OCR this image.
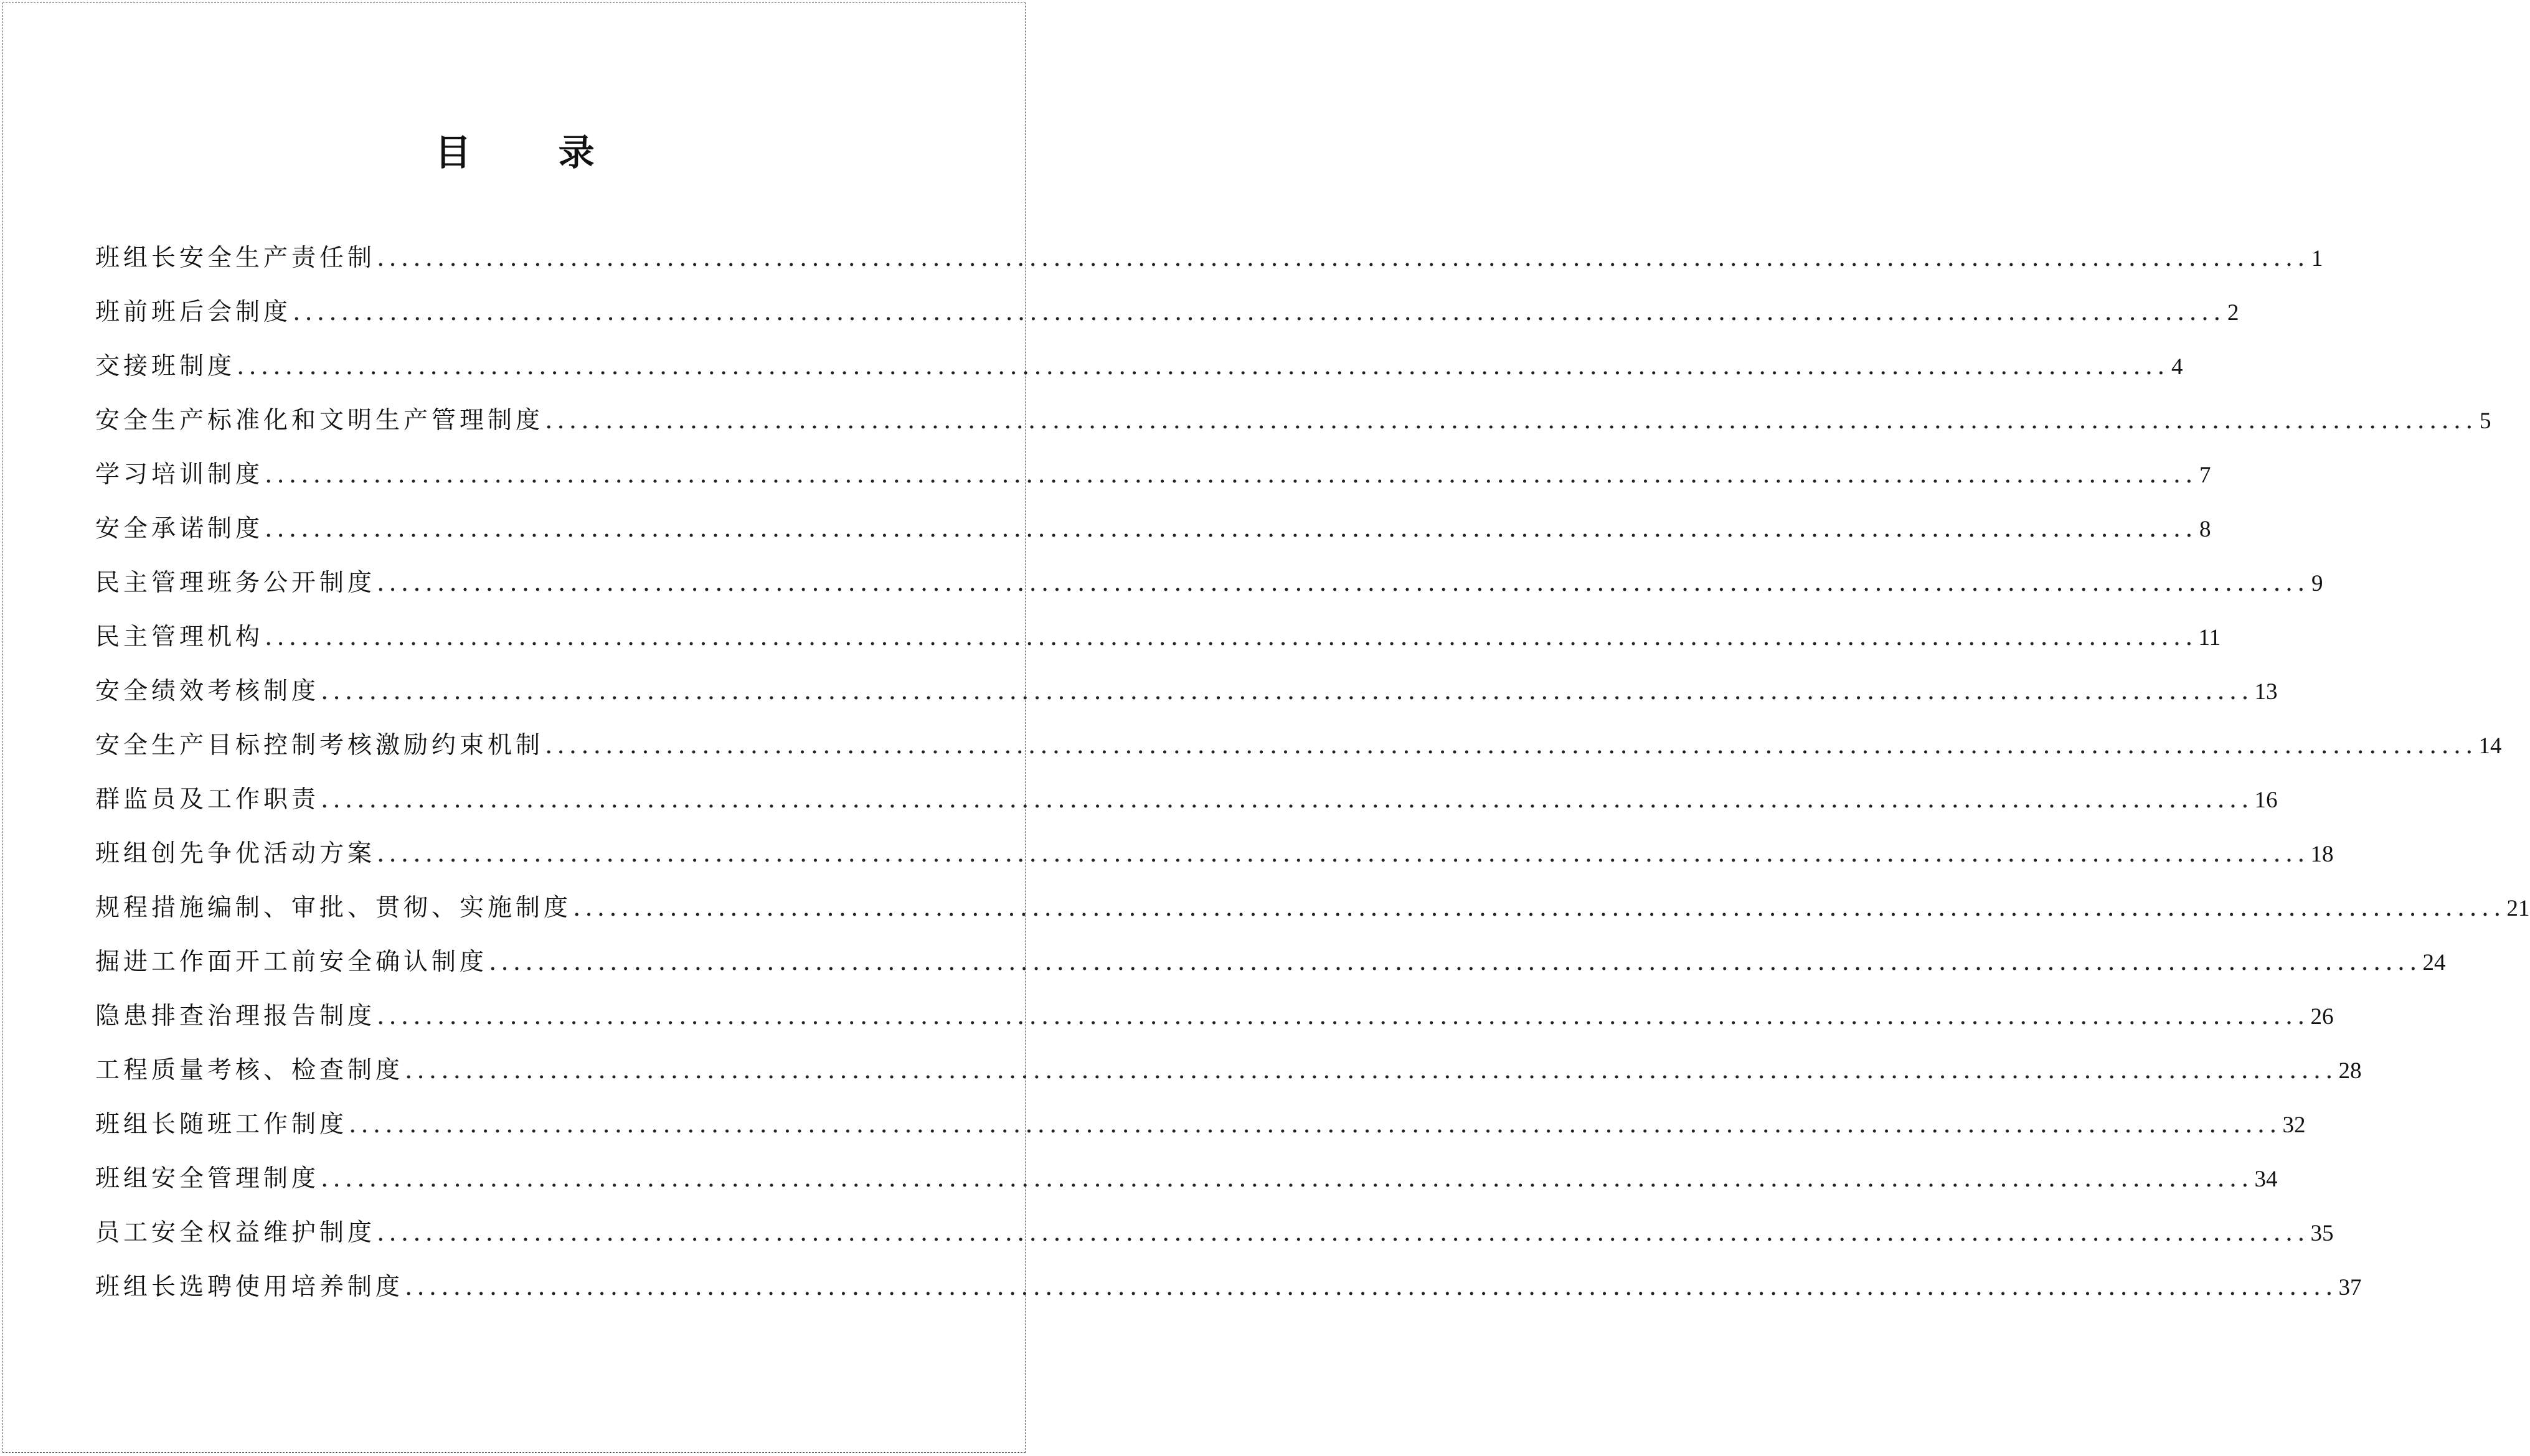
目 录
班组长安全生产责任制 ................................................................................................................................................................ 1
班前班后会制度 ................................................................................................................................................................ 2
交接班制度 ................................................................................................................................................................ 4
安全生产标准化和文明生产管理制度 ................................................................................................................................................................ 5
学习培训制度 ................................................................................................................................................................ 7
安全承诺制度 ................................................................................................................................................................ 8
民主管理班务公开制度 ................................................................................................................................................................ 9
民主管理机构 ................................................................................................................................................................ 11
安全绩效考核制度 ................................................................................................................................................................ 13
安全生产目标控制考核激励约束机制 ................................................................................................................................................................ 14
群监员及工作职责 ................................................................................................................................................................ 16
班组创先争优活动方案 ................................................................................................................................................................ 18
规程措施编制、审批、贯彻、实施制度 ................................................................................................................................................................ 21
掘进工作面开工前安全确认制度 ................................................................................................................................................................ 24
隐患排查治理报告制度 ................................................................................................................................................................ 26
工程质量考核、检查制度 ................................................................................................................................................................ 28
班组长随班工作制度 ................................................................................................................................................................ 32
班组安全管理制度 ................................................................................................................................................................ 34
员工安全权益维护制度 ................................................................................................................................................................ 35
班组长选聘使用培养制度 ................................................................................................................................................................ 37
